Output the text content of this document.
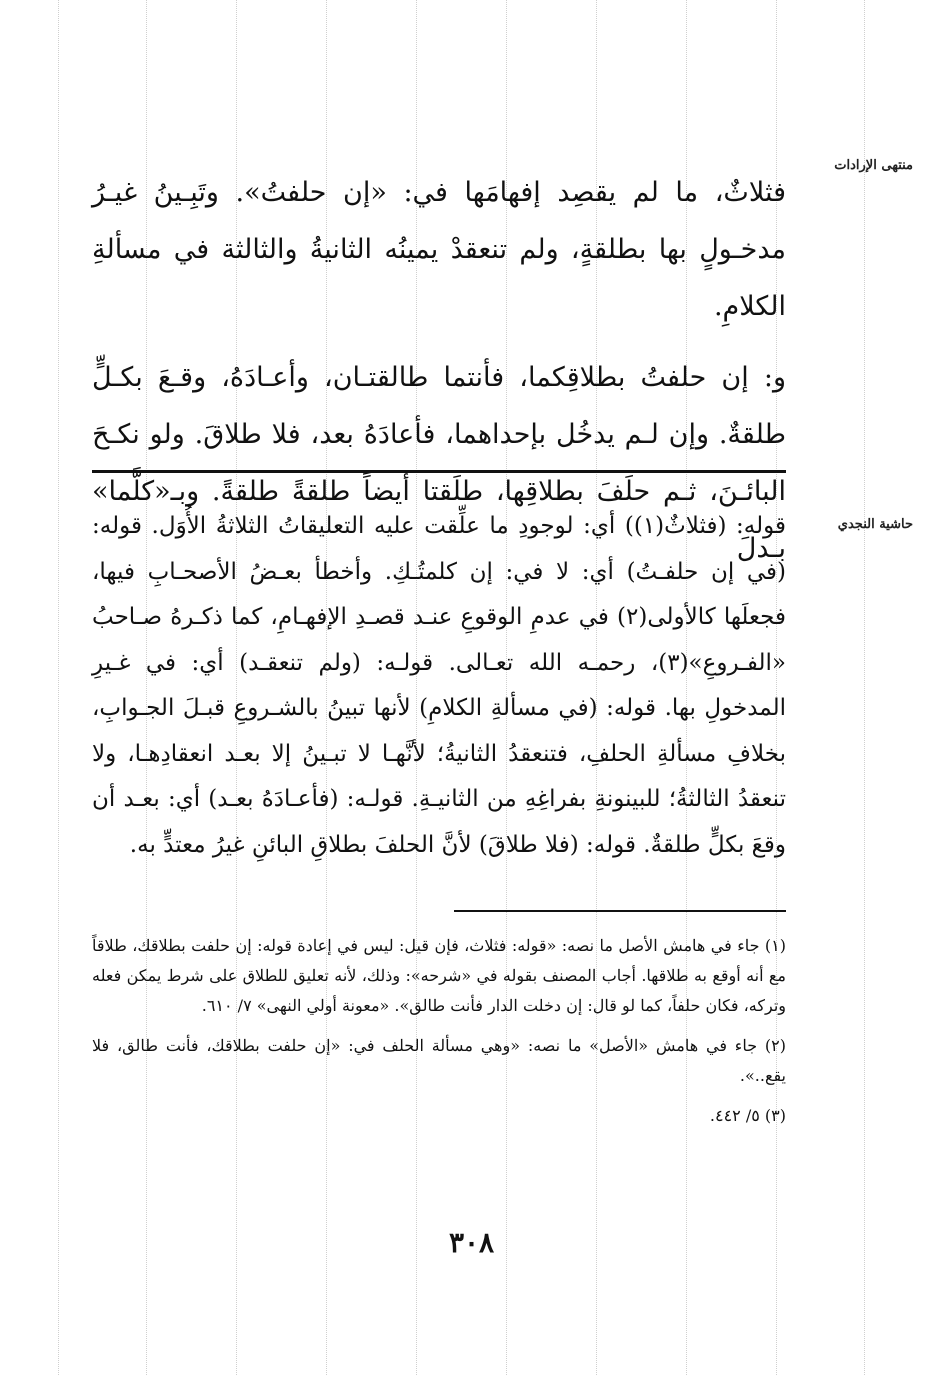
منتهى الإرادات
حاشية النجدي

فثلاثٌ، ما لم يقصِد إفهامَها في: «إن حلفتُ». وتَبِـينُ غيـرُ مدخـولٍ بها بطلقةٍ، ولم تنعقدْ يمينُه الثانيةُ والثالثة في مسألةِ الكلامِ.

و: إن حلفتُ بطلاقِكما، فأنتما طالقتـان، وأعـادَهُ، وقـعَ بكـلٍّ طلقةٌ. وإن لـم يدخُل بإحداهما، فأعادَهُ بعد، فلا طلاقَ. ولو نكـحَ البائـنَ، ثـم حلَفَ بطلاقِها، طلَقتا أيضاً طلقةً طلقةً. وبـ«كلَّما» بـدلَ

قوله: (فثلاثٌ(١)) أي: لوجودِ ما علِّقت عليه التعليقاتُ الثلاثةُ الأُوَل. قوله: (في إن حلفـتُ) أي: لا في: إن كلمتُـكِ. وأخطأ بعـضُ الأصحـابِ فيها، فجعلَها كالأولى(٢) في عدمِ الوقوعِ عنـد قصـدِ الإفهـامِ، كما ذكـرهُ صـاحبُ «الفـروعِ»(٣)، رحمـه الله تعـالى. قولـه: (ولم تنعقـد) أي: في غـيرِ المدخولِ بها. قوله: (في مسألةِ الكلامِ) لأنها تبينُ بالشـروعِ قبـلَ الجـوابِ، بخلافِ مسألةِ الحلفِ، فتنعقدُ الثانيةُ؛ لأنَّهـا لا تبـينُ إلا بعـد انعقادِهـا، ولا تنعقدُ الثالثةُ؛ للبينونةِ بفراغِهِ من الثانيـةِ. قولـه: (فأعـادَهُ بعـد) أي: بعـد أن وقعَ بكلٍّ طلقةٌ. قوله: (فلا طلاقَ) لأنَّ الحلفَ بطلاقِ البائنِ غيرُ معتدٍّ به.

(١) جاء في هامش الأصل ما نصه: «قوله: فثلاث، فإن قيل: ليس في إعادة قوله: إن حلفت بطلاقك، طلاقاً مع أنه أوقع به طلاقها. أجاب المصنف بقوله في «شرحه»: وذلك، لأنه تعليق للطلاق على شرط يمكن فعله وتركه، فكان حلفاً، كما لو قال: إن دخلت الدار فأنت طالق». «معونة أولي النهى» ٧/ ٦١٠.

(٢) جاء في هامش «الأصل» ما نصه: «وهي مسألة الحلف في: «إن حلفت بطلاقك، فأنت طالق، فلا يقع..».

(٣) ٥/ ٤٤٢.

٣٠٨
